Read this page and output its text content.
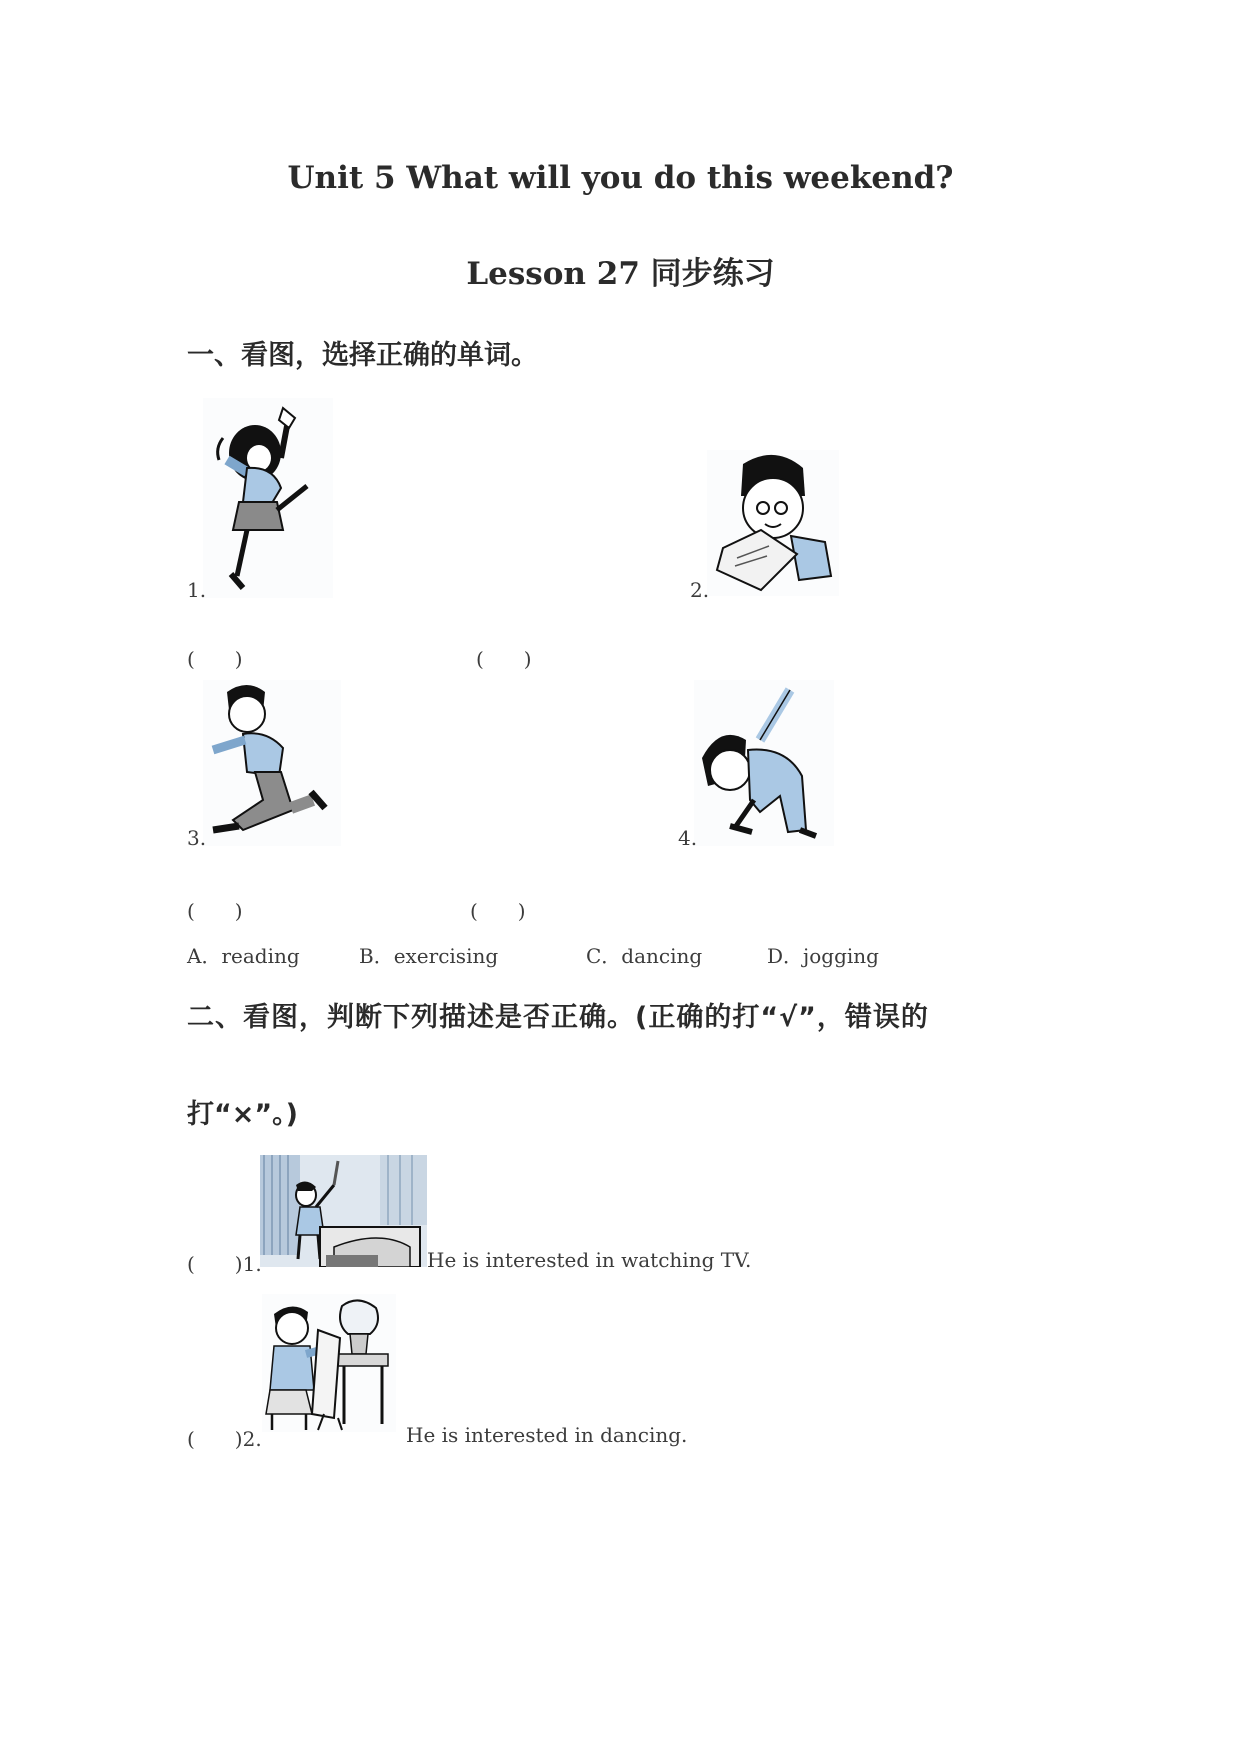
Unit 5 What will you do this weekend?
Lesson 27 同步练习
一、看图，选择正确的单词。
1.	2.
(　　)	(　　)
3.	4.
(　　)	(　　)
A．reading	B．exercising	C．dancing	D．jogging
二、看图，判断下列描述是否正确。(正确的打“√”，错误的
打“×”。)
(　　)1.	He is interested in watching TV.
(　　)2.	He is interested in dancing.
